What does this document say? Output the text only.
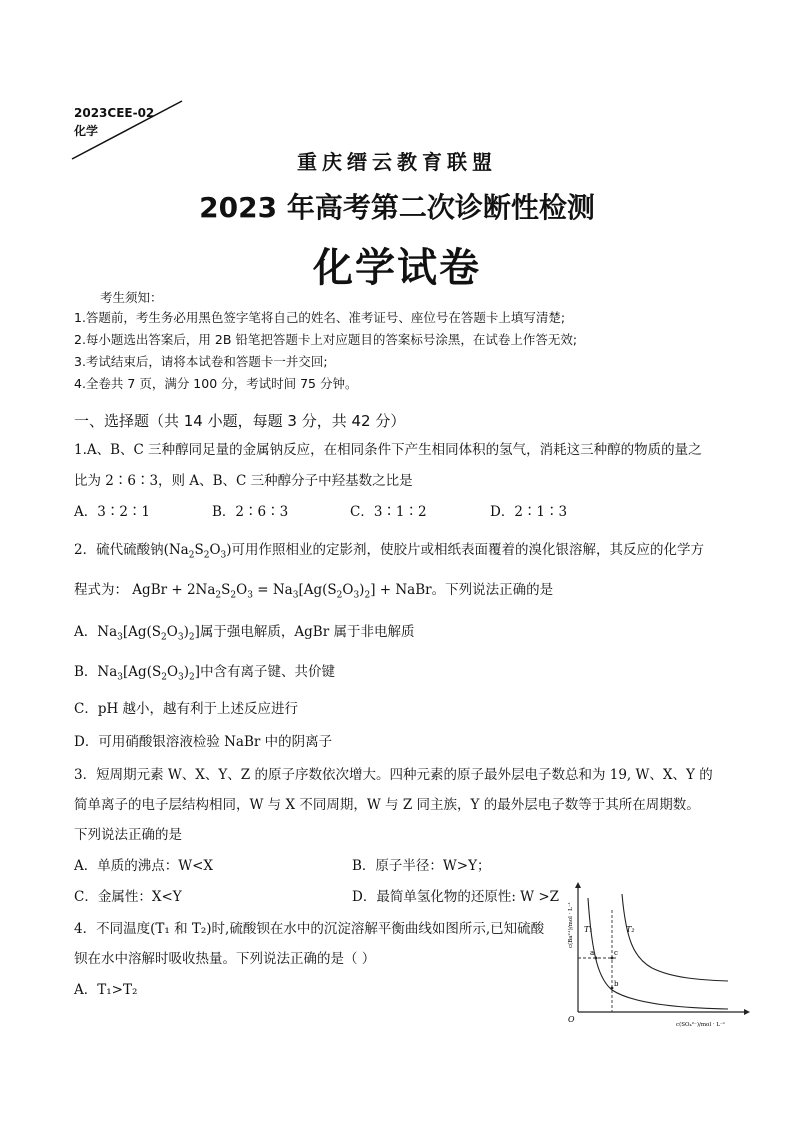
2023CEE-02
化学
重庆缙云教育联盟
2023 年高考第二次诊断性检测
化学试卷
考生须知：
1.答题前，考生务必用黑色签字笔将自己的姓名、准考证号、座位号在答题卡上填写清楚;
2.每小题选出答案后，用 2B 铅笔把答题卡上对应题目的答案标号涂黑，在试卷上作答无效;
3.考试结束后，请将本试卷和答题卡一并交回;
4.全卷共 7 页，满分 100 分，考试时间 75 分钟。
一、选择题（共 14 小题，每题 3 分，共 42 分）
1.A、B、C 三种醇同足量的金属钠反应，在相同条件下产生相同体积的氢气，消耗这三种醇的物质的量之
比为 2∶6∶3，则 A、B、C 三种醇分子中羟基数之比是
A．3∶2∶1	B．2∶6∶3	C．3∶1∶2	D．2∶1∶3
2．硫代硫酸钠$(Na_2S_2O_3)$可用作照相业的定影剂，使胶片或相纸表面覆着的溴化银溶解，其反应的化学方
程式为： AgBr + $2Na_2S_2O_3 = Na_3[Ag(S_2O_3)_2]$ + NaBr。下列说法正确的是
A．$Na_3[Ag(S_2O_3)_2]$属于强电解质，AgBr 属于非电解质
B．$Na_3[Ag(S_2O_3)_2]$中含有离子键、共价键
C．pH 越小，越有利于上述反应进行
D．可用硝酸银溶液检验 NaBr 中的阴离子
3．短周期元素 W、X、Y、Z 的原子序数依次增大。四种元素的原子最外层电子数总和为 19, W、X、Y 的
简单离子的电子层结构相同，W 与 X 不同周期，W 与 Z 同主族，Y 的最外层电子数等于其所在周期数。
下列说法正确的是
A．单质的沸点：W<X	B．原子半径：W>Y；
C．金属性：X<Y	D．最简单氢化物的还原性: W >Z
4．不同温度(T₁ 和 T₂)时,硫酸钡在水中的沉淀溶解平衡曲线如图所示,已知硫酸
钡在水中溶解时吸收热量。下列说法正确的是（ ）
A．T₁>T₂
T₁	T₂
a	c
b
O
c(SO₄²⁻)/mol · L⁻¹
c(Ba²⁺)/mol · L⁻¹
